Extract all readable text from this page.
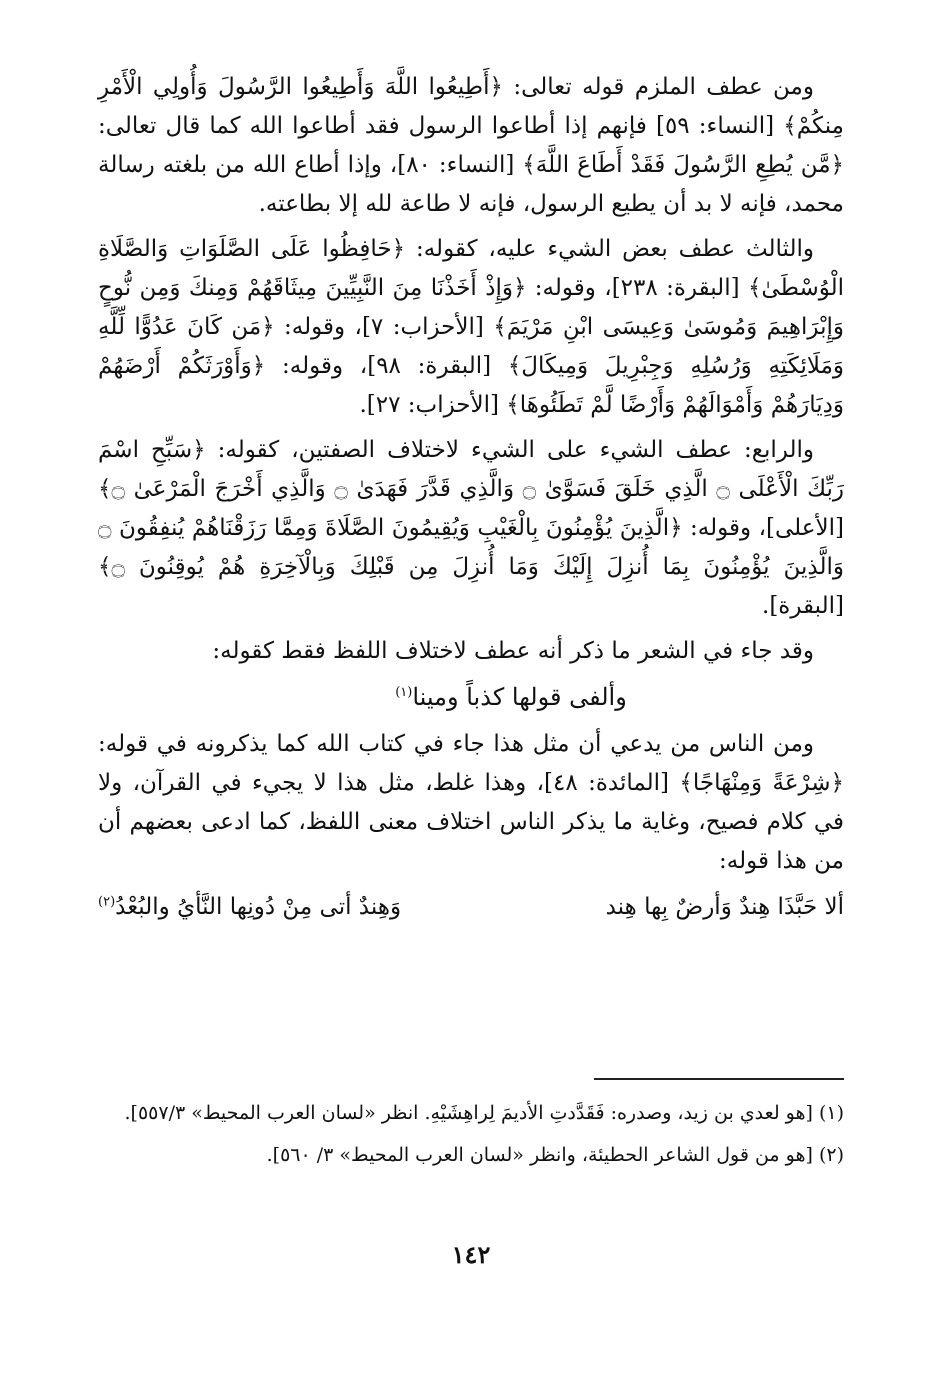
ومن عطف الملزم قوله تعالى: ﴿أَطِيعُوا اللَّهَ وَأَطِيعُوا الرَّسُولَ وَأُولِي الْأَمْرِ مِنكُمْ﴾ [النساء: ٥٩] فإنهم إذا أطاعوا الرسول فقد أطاعوا الله كما قال تعالى: ﴿مَّن يُطِعِ الرَّسُولَ فَقَدْ أَطَاعَ اللَّهَ﴾ [النساء: ٨٠]، وإذا أطاع الله من بلغته رسالة محمد، فإنه لا بد أن يطيع الرسول، فإنه لا طاعة لله إلا بطاعته.

والثالث عطف بعض الشيء عليه، كقوله: ﴿حَافِظُوا عَلَى الصَّلَوَاتِ وَالصَّلَاةِ الْوُسْطَىٰ﴾ [البقرة: ٢٣٨]، وقوله: ﴿وَإِذْ أَخَذْنَا مِنَ النَّبِيِّينَ مِيثَاقَهُمْ وَمِنكَ وَمِن نُّوحٍ وَإِبْرَاهِيمَ وَمُوسَىٰ وَعِيسَى ابْنِ مَرْيَمَ﴾ [الأحزاب: ٧]، وقوله: ﴿مَن كَانَ عَدُوًّا لِّلَّهِ وَمَلَائِكَتِهِ وَرُسُلِهِ وَجِبْرِيلَ وَمِيكَالَ﴾ [البقرة: ٩٨]، وقوله: ﴿وَأَوْرَثَكُمْ أَرْضَهُمْ وَدِيَارَهُمْ وَأَمْوَالَهُمْ وَأَرْضًا لَّمْ تَطَئُوهَا﴾ [الأحزاب: ٢٧].

والرابع: عطف الشيء على الشيء لاختلاف الصفتين، كقوله: ﴿سَبِّحِ اسْمَ رَبِّكَ الْأَعْلَى ۝ الَّذِي خَلَقَ فَسَوَّىٰ ۝ وَالَّذِي قَدَّرَ فَهَدَىٰ ۝ وَالَّذِي أَخْرَجَ الْمَرْعَىٰ ۝﴾ [الأعلى]، وقوله: ﴿الَّذِينَ يُؤْمِنُونَ بِالْغَيْبِ وَيُقِيمُونَ الصَّلَاةَ وَمِمَّا رَزَقْنَاهُمْ يُنفِقُونَ ۝ وَالَّذِينَ يُؤْمِنُونَ بِمَا أُنزِلَ إِلَيْكَ وَمَا أُنزِلَ مِن قَبْلِكَ وَبِالْآخِرَةِ هُمْ يُوقِنُونَ ۝﴾ [البقرة].

وقد جاء في الشعر ما ذكر أنه عطف لاختلاف اللفظ فقط كقوله:

وألفى قولها كذباً ومينا$^{(١)}$

ومن الناس من يدعي أن مثل هذا جاء في كتاب الله كما يذكرونه في قوله: ﴿شِرْعَةً وَمِنْهَاجًا﴾ [المائدة: ٤٨]، وهذا غلط، مثل هذا لا يجيء في القرآن، ولا في كلام فصيح، وغاية ما يذكر الناس اختلاف معنى اللفظ، كما ادعى بعضهم أن من هذا قوله:

ألا حَبَّذَا هِندٌ وَأرضٌ بِها هِند
وَهِندٌ أتى مِنْ دُونِها النَّأيُ والبُعْدُ$^{(٢)}$

(١) [هو لعدي بن زيد، وصدره: فَقَدَّدتِ الأديمَ لِراهِشَيْهِ. انظر «لسان العرب المحيط» ٥٥٧/٣].

(٢) [هو من قول الشاعر الحطيئة، وانظر «لسان العرب المحيط» ٣/ ٥٦٠].

١٤٢
